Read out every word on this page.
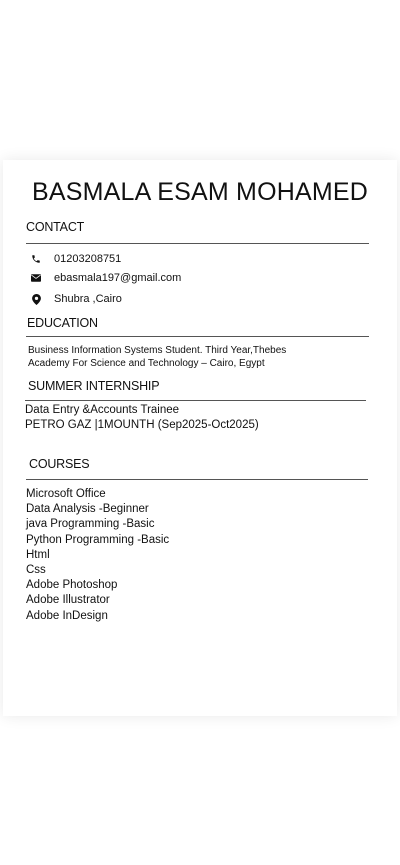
BASMALA ESAM MOHAMED
CONTACT
01203208751
ebasmala197@gmail.com
Shubra ,Cairo
EDUCATION
Business Information Systems Student. Third Year,Thebes
Academy For Science and Technology – Cairo, Egypt
SUMMER INTERNSHIP
Data Entry &Accounts Trainee
PETRO GAZ |1MOUNTH (Sep2025-Oct2025)
COURSES
Microsoft Office
Data Analysis -Beginner
java Programming -Basic
Python Programming -Basic
Html
Css
Adobe Photoshop
Adobe Illustrator
Adobe InDesign
